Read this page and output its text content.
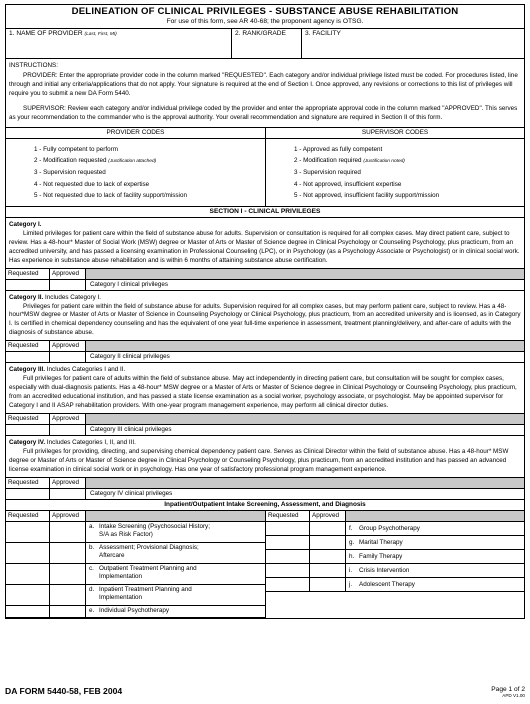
DELINEATION OF CLINICAL PRIVILEGES - SUBSTANCE ABUSE REHABILITATION
For use of this form, see AR 40-68; the proponent agency is OTSG.
1. NAME OF PROVIDER (Last, First, MI)	2. RANK/GRADE	3. FACILITY
INSTRUCTIONS:

PROVIDER: Enter the appropriate provider code in the column marked "REQUESTED". Each category and/or individual privilege listed must be coded. For procedures listed, line through and initial any criteria/applications that do not apply. Your signature is required at the end of Section I. Once approved, any revisions or corrections to this list of privileges will require you to submit a new DA Form 5440.

SUPERVISOR: Review each category and/or individual privilege coded by the provider and enter the appropriate approval code in the column marked "APPROVED". This serves as your recommendation to the commander who is the approval authority. Your overall recommendation and signature are required in Section II of this form.

PROVIDER CODES
1 - Fully competent to perform
2 - Modification requested (Justification attached)
3 - Supervision requested
4 - Not requested due to lack of expertise
5 - Not requested due to lack of facility support/mission
SUPERVISOR CODES
1 - Approved as fully competent
2 - Modification required (Justification noted)
3 - Supervision required
4 - Not approved, insufficient expertise
5 - Not approved, insufficient facility support/mission
SECTION I - CLINICAL PRIVILEGES
Category I.
Limited privileges for patient care within the field of substance abuse for adults. Supervision or consultation is required for all complex cases. May direct patient care, subject to review. Has a 48-hour* Master of Social Work (MSW) degree or Master of Arts or Master of Science degree in Clinical Psychology or Counseling Psychology, plus practicum, from an accredited university, and has passed a licensing examination in Professional Counseling (LPC), or in Psychology (as a Psychology Associate or Psychologist) or in clinical social work. Has experience in substance abuse rehabilitation and is within 6 months of attaining substance abuse certification.
Requested	Approved
Category I clinical privileges
Category II. Includes Category I.
Privileges for patient care within the field of substance abuse for adults. Supervision required for all complex cases, but may perform patient care, subject to review. Has a 48-hour*MSW degree or Master of Arts or Master of Science in Counseling Psychology or Clinical Psychology, plus practicum, from an accredited university and is licensed, as in Category I. Is certified in chemical dependency counseling and has the equivalent of one year full-time experience in assessment, treatment planning/delivery, and after-care of adults with the diagnosis of substance abuse.
Requested	Approved
Category II clinical privileges
Category III. Includes Categories I and II.
Full privileges for patient care of adults within the field of substance abuse. May act independently in directing patient care, but consultation will be sought for complex cases, especially with dual-diagnosis patients. Has a 48-hour* MSW degree or a Master of Arts or Master of Science degree in Clinical Psychology or Counseling Psychology, plus practicum, from an accredited educational institution, and has passed a state license examination as a social worker, psychology associate, or psychologist. May be appointed supervisor for Category I and II ASAP rehabilitation providers. With one-year program management experience, may perform all clinical director duties.
Requested	Approved
Category III clinical privileges
Category IV. Includes Categories I, II, and III.
Full privileges for providing, directing, and supervising chemical dependency patient care. Serves as Clinical Director within the field of substance abuse. Has a 48-hour* MSW degree or Master of Arts or Master of Science degree in Clinical Psychology or Counseling Psychology, plus practicum, from an accredited institution and has passed an advanced license examination in clinical social work or in psychology. Has one year of satisfactory professional program management experience.
Requested	Approved
Category IV clinical privileges
Inpatient/Outpatient Intake Screening, Assessment, and Diagnosis
Requested	Approved
a. Intake Screening (Psychosocial History;
S/A as Risk Factor)
b. Assessment; Provisional Diagnosis;
Aftercare
c. Outpatient Treatment Planning and
Implementation
d. Inpatient Treatment Planning and
Implementation
e. Individual Psychotherapy
Requested	Approved
f. Group Psychotherapy
g. Marital Therapy
h. Family Therapy
i. Crisis Intervention
j. Adolescent Therapy
DA FORM 5440-58, FEB 2004	Page 1 of 2
APD V1.00
